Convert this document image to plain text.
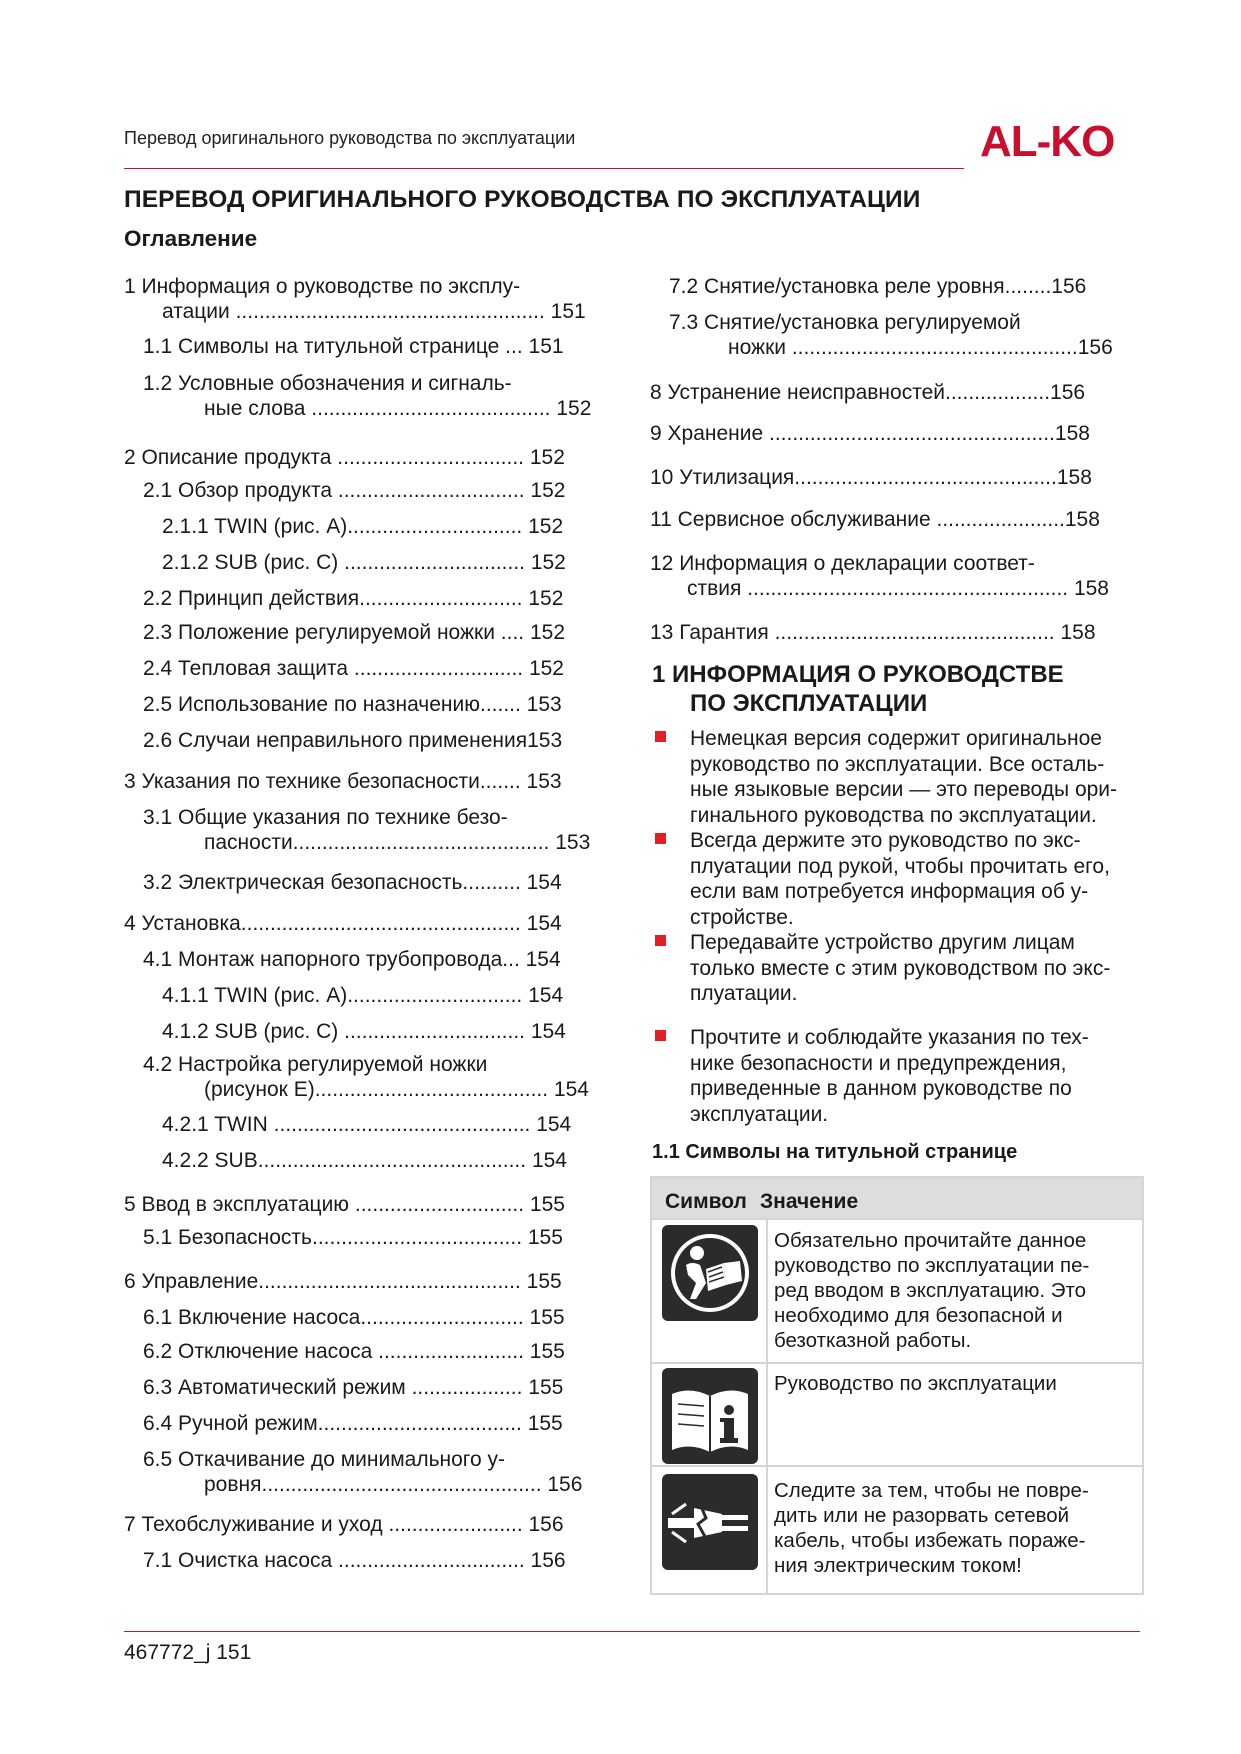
Перевод оригинального руководства по эксплуатации	AL-KO
ПЕРЕВОД ОРИГИНАЛЬНОГО РУКОВОДСТВА ПО ЭКСПЛУАТАЦИИ
Оглавление
1 Информация о руководстве по эксплу-
атации ..................................................... 151
1.1 Символы на титульной странице ... 151
1.2 Условные обозначения и сигналь-
ные слова ......................................... 152
2 Описание продукта ................................ 152
2.1 Обзор продукта ................................ 152
2.1.1 TWIN (рис. A).............................. 152
2.1.2 SUB (рис. C) ............................... 152
2.2 Принцип действия............................ 152
2.3 Положение регулируемой ножки .... 152
2.4 Тепловая защита ............................. 152
2.5 Использование по назначению....... 153
2.6 Случаи неправильного применения153
3 Указания по технике безопасности....... 153
3.1 Общие указания по технике безо-
пасности............................................ 153
3.2 Электрическая безопасность.......... 154
4 Установка................................................ 154
4.1 Монтаж напорного трубопровода... 154
4.1.1 TWIN (рис. A).............................. 154
4.1.2 SUB (рис. C) ............................... 154
4.2 Настройка регулируемой ножки
(рисунок E)........................................ 154
4.2.1 TWIN ............................................ 154
4.2.2 SUB.............................................. 154
5 Ввод в эксплуатацию ............................. 155
5.1 Безопасность.................................... 155
6 Управление............................................. 155
6.1 Включение насоса............................ 155
6.2 Отключение насоса ......................... 155
6.3 Автоматический режим ................... 155
6.4 Ручной режим................................... 155
6.5 Откачивание до минимального у-
ровня................................................ 156
7 Техобслуживание и уход ....................... 156
7.1 Очистка насоса ................................ 156
7.2 Снятие/установка реле уровня........156
7.3 Снятие/установка регулируемой
ножки .................................................156
8 Устранение неисправностей..................156
9 Хранение .................................................158
10 Утилизация.............................................158
11 Сервисное обслуживание ......................158
12 Информация о декларации соответ-
ствия ....................................................... 158
13 Гарантия ................................................ 158
1 ИНФОРМАЦИЯ О РУКОВОДСТВЕ
ПО ЭКСПЛУАТАЦИИ
Немецкая версия содержит оригинальное
руководство по эксплуатации. Все осталь-
ные языковые версии — это переводы ори-
гинального руководства по эксплуатации.
Всегда держите это руководство по экс-
плуатации под рукой, чтобы прочитать его,
если вам потребуется информация об у-
стройстве.
Передавайте устройство другим лицам
только вместе с этим руководством по экс-
плуатации.
Прочтите и соблюдайте указания по тех-
нике безопасности и предупреждения,
приведенные в данном руководстве по
эксплуатации.
1.1 Символы на титульной странице
Символ Значение
Обязательно прочитайте данное
руководство по эксплуатации пе-
ред вводом в эксплуатацию. Это
необходимо для безопасной и
безотказной работы.
Руководство по эксплуатации
Следите за тем, чтобы не повре-
дить или не разорвать сетевой
кабель, чтобы избежать пораже-
ния электрическим током!
467772_j 151
